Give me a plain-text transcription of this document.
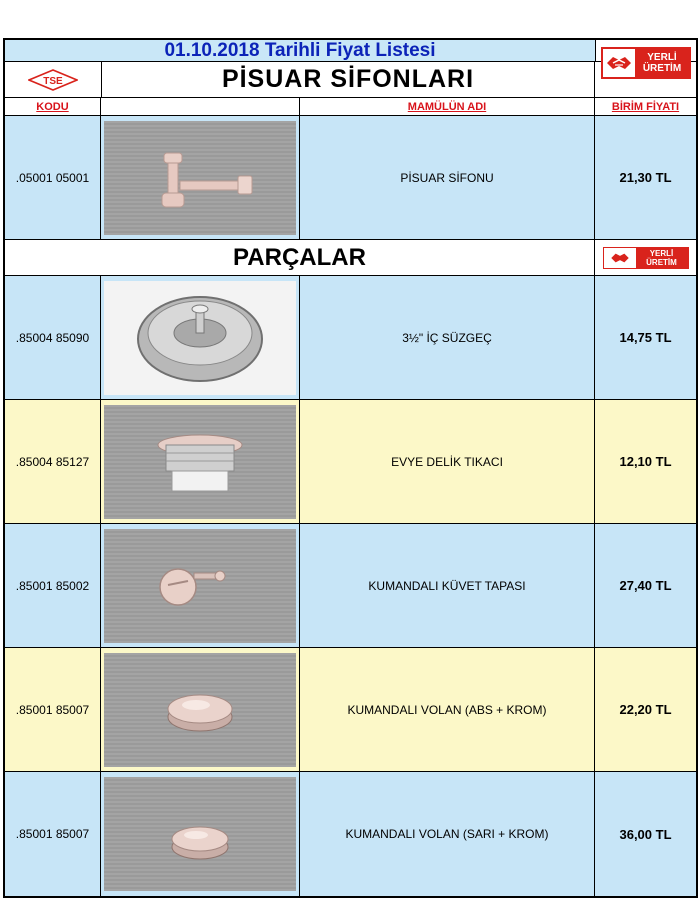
01.10.2018 Tarihli Fiyat Listesi	YERLİ
ÜRETİM
TSE	PİSUAR SİFONLARI
KODU	MAMÜLÜN ADI	BİRİM FİYATI
.05001 05001	PİSUAR SİFONU	21,30 TL
PARÇALAR	YERLİ
ÜRETİM
.85004 85090	3½" İÇ SÜZGEÇ	14,75 TL
.85004 85127	EVYE DELİK TIKACI	12,10 TL
.85001 85002	KUMANDALI KÜVET TAPASI	27,40 TL
.85001 85007	KUMANDALI VOLAN (ABS + KROM)	22,20 TL
.85001 85007	KUMANDALI VOLAN (SARI + KROM)	36,00 TL
